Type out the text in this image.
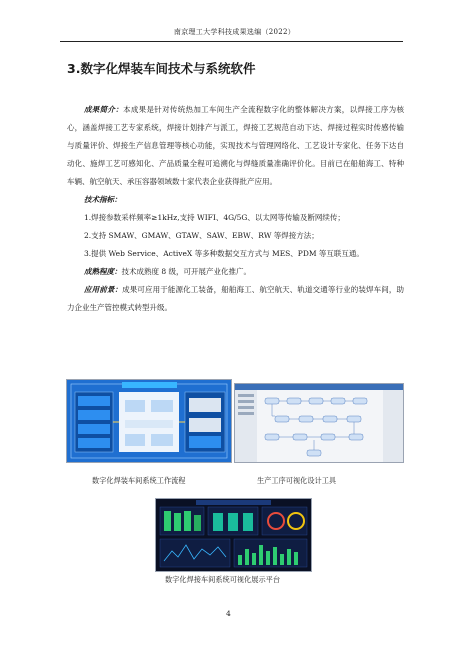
南京理工大学科技成果选编（2022）
3.数字化焊装车间技术与系统软件

成果简介：本成果是针对传统热加工车间生产全流程数字化的整体解决方案，以焊接工序为核心，涵盖焊接工艺专家系统，焊接计划排产与派工，焊接工艺规范自动下达、焊接过程实时传感传输与质量评价、焊接生产信息管理等核心功能，实现技术与管理网络化、工艺设计专家化、任务下达自动化、施焊工艺可感知化、产品质量全程可追溯化与焊缝质量准确评价化。目前已在船舶海工、特种车辆、航空航天、承压容器领域数十家代表企业获得批产应用。

技术指标：

1.焊接参数采样频率≥1kHz,支持 WIFI、4G/5G、以太网等传输及断网续传；

2.支持 SMAW、GMAW、GTAW、SAW、EBW、RW 等焊接方法；

3.提供 Web Service、ActiveX 等多种数据交互方式与 MES、PDM 等互联互通。

成熟程度：技术成熟度 8 级，可开展产业化推广。

应用前景：成果可应用于能源化工装备，船舶海工、航空航天、轨道交通等行业的装焊车间，助力企业生产管控模式转型升级。

数字化焊装车间系统工作流程	生产工序可视化设计工具
数字化焊接车间系统可视化展示平台
4
